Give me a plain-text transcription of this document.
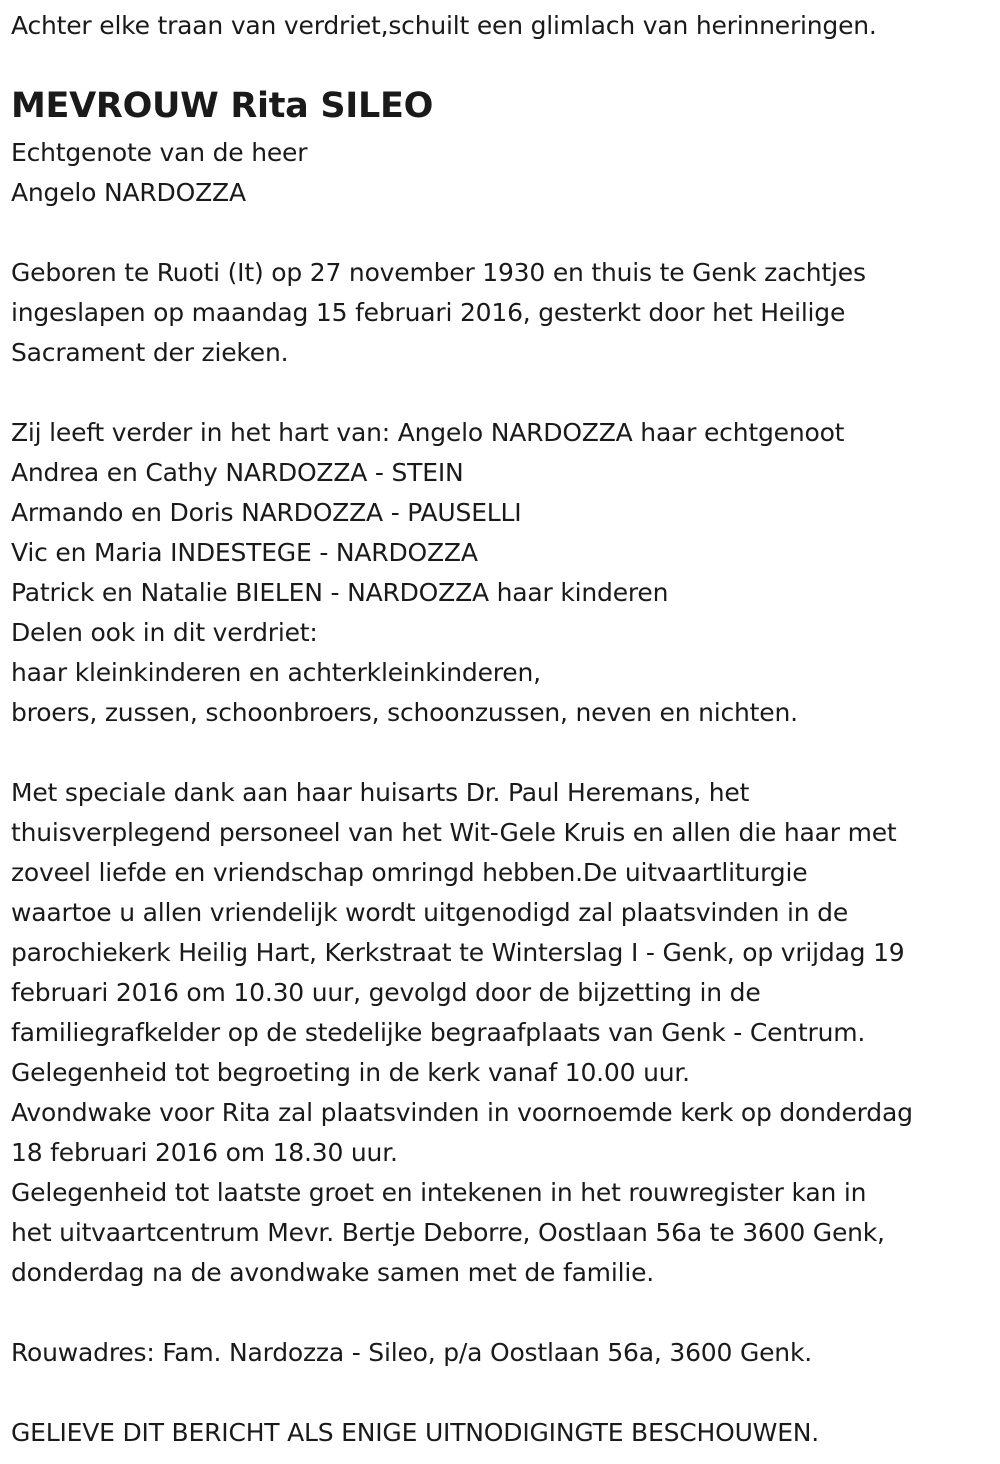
Achter elke traan van verdriet,schuilt een glimlach van herinneringen.
MEVROUW Rita SILEO
Echtgenote van de heer
Angelo NARDOZZA
Geboren te Ruoti (It) op 27 november 1930 en thuis te Genk zachtjes
ingeslapen op maandag 15 februari 2016, gesterkt door het Heilige
Sacrament der zieken.
Zij leeft verder in het hart van: Angelo NARDOZZA haar echtgenoot
Andrea en Cathy NARDOZZA - STEIN
Armando en Doris NARDOZZA - PAUSELLI
Vic en Maria INDESTEGE - NARDOZZA
Patrick en Natalie BIELEN - NARDOZZA haar kinderen
Delen ook in dit verdriet:
haar kleinkinderen en achterkleinkinderen,
broers, zussen, schoonbroers, schoonzussen, neven en nichten.
Met speciale dank aan haar huisarts Dr. Paul Heremans, het
thuisverplegend personeel van het Wit-Gele Kruis en allen die haar met
zoveel liefde en vriendschap omringd hebben.De uitvaartliturgie
waartoe u allen vriendelijk wordt uitgenodigd zal plaatsvinden in de
parochiekerk Heilig Hart, Kerkstraat te Winterslag I - Genk, op vrijdag 19
februari 2016 om 10.30 uur, gevolgd door de bijzetting in de
familiegrafkelder op de stedelijke begraafplaats van Genk - Centrum.
Gelegenheid tot begroeting in de kerk vanaf 10.00 uur.
Avondwake voor Rita zal plaatsvinden in voornoemde kerk op donderdag
18 februari 2016 om 18.30 uur.
Gelegenheid tot laatste groet en intekenen in het rouwregister kan in
het uitvaartcentrum Mevr. Bertje Deborre, Oostlaan 56a te 3600 Genk,
donderdag na de avondwake samen met de familie.
Rouwadres: Fam. Nardozza - Sileo, p/a Oostlaan 56a, 3600 Genk.
GELIEVE DIT BERICHT ALS ENIGE UITNODIGINGTE BESCHOUWEN.
